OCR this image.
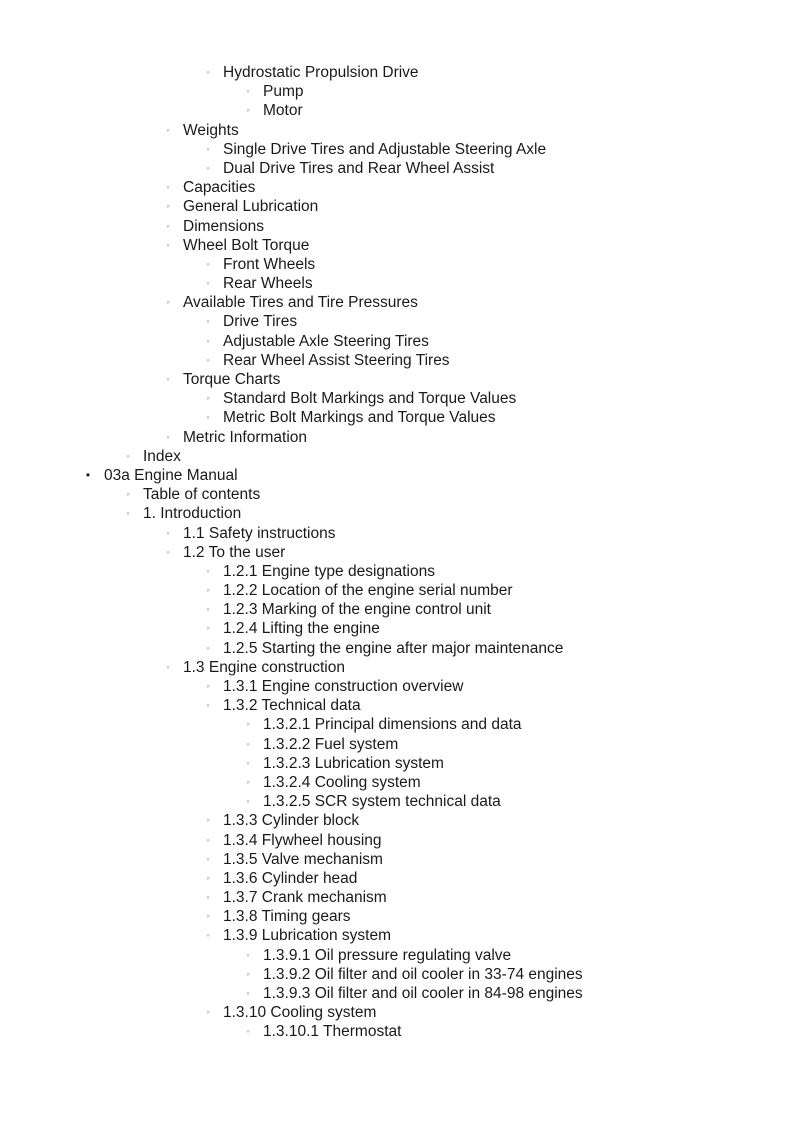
◦ Hydrostatic Propulsion Drive
◦ Pump
◦ Motor
◦ Weights
◦ Single Drive Tires and Adjustable Steering Axle
◦ Dual Drive Tires and Rear Wheel Assist
◦ Capacities
◦ General Lubrication
◦ Dimensions
◦ Wheel Bolt Torque
◦ Front Wheels
◦ Rear Wheels
◦ Available Tires and Tire Pressures
◦ Drive Tires
◦ Adjustable Axle Steering Tires
◦ Rear Wheel Assist Steering Tires
◦ Torque Charts
◦ Standard Bolt Markings and Torque Values
◦ Metric Bolt Markings and Torque Values
◦ Metric Information
◦ Index
• 03a Engine Manual
◦ Table of contents
◦ 1. Introduction
◦ 1.1 Safety instructions
◦ 1.2 To the user
◦ 1.2.1 Engine type designations
◦ 1.2.2 Location of the engine serial number
◦ 1.2.3 Marking of the engine control unit
◦ 1.2.4 Lifting the engine
◦ 1.2.5 Starting the engine after major maintenance
◦ 1.3 Engine construction
◦ 1.3.1 Engine construction overview
◦ 1.3.2 Technical data
◦ 1.3.2.1 Principal dimensions and data
◦ 1.3.2.2 Fuel system
◦ 1.3.2.3 Lubrication system
◦ 1.3.2.4 Cooling system
◦ 1.3.2.5 SCR system technical data
◦ 1.3.3 Cylinder block
◦ 1.3.4 Flywheel housing
◦ 1.3.5 Valve mechanism
◦ 1.3.6 Cylinder head
◦ 1.3.7 Crank mechanism
◦ 1.3.8 Timing gears
◦ 1.3.9 Lubrication system
◦ 1.3.9.1 Oil pressure regulating valve
◦ 1.3.9.2 Oil filter and oil cooler in 33-74 engines
◦ 1.3.9.3 Oil filter and oil cooler in 84-98 engines
◦ 1.3.10 Cooling system
◦ 1.3.10.1 Thermostat
